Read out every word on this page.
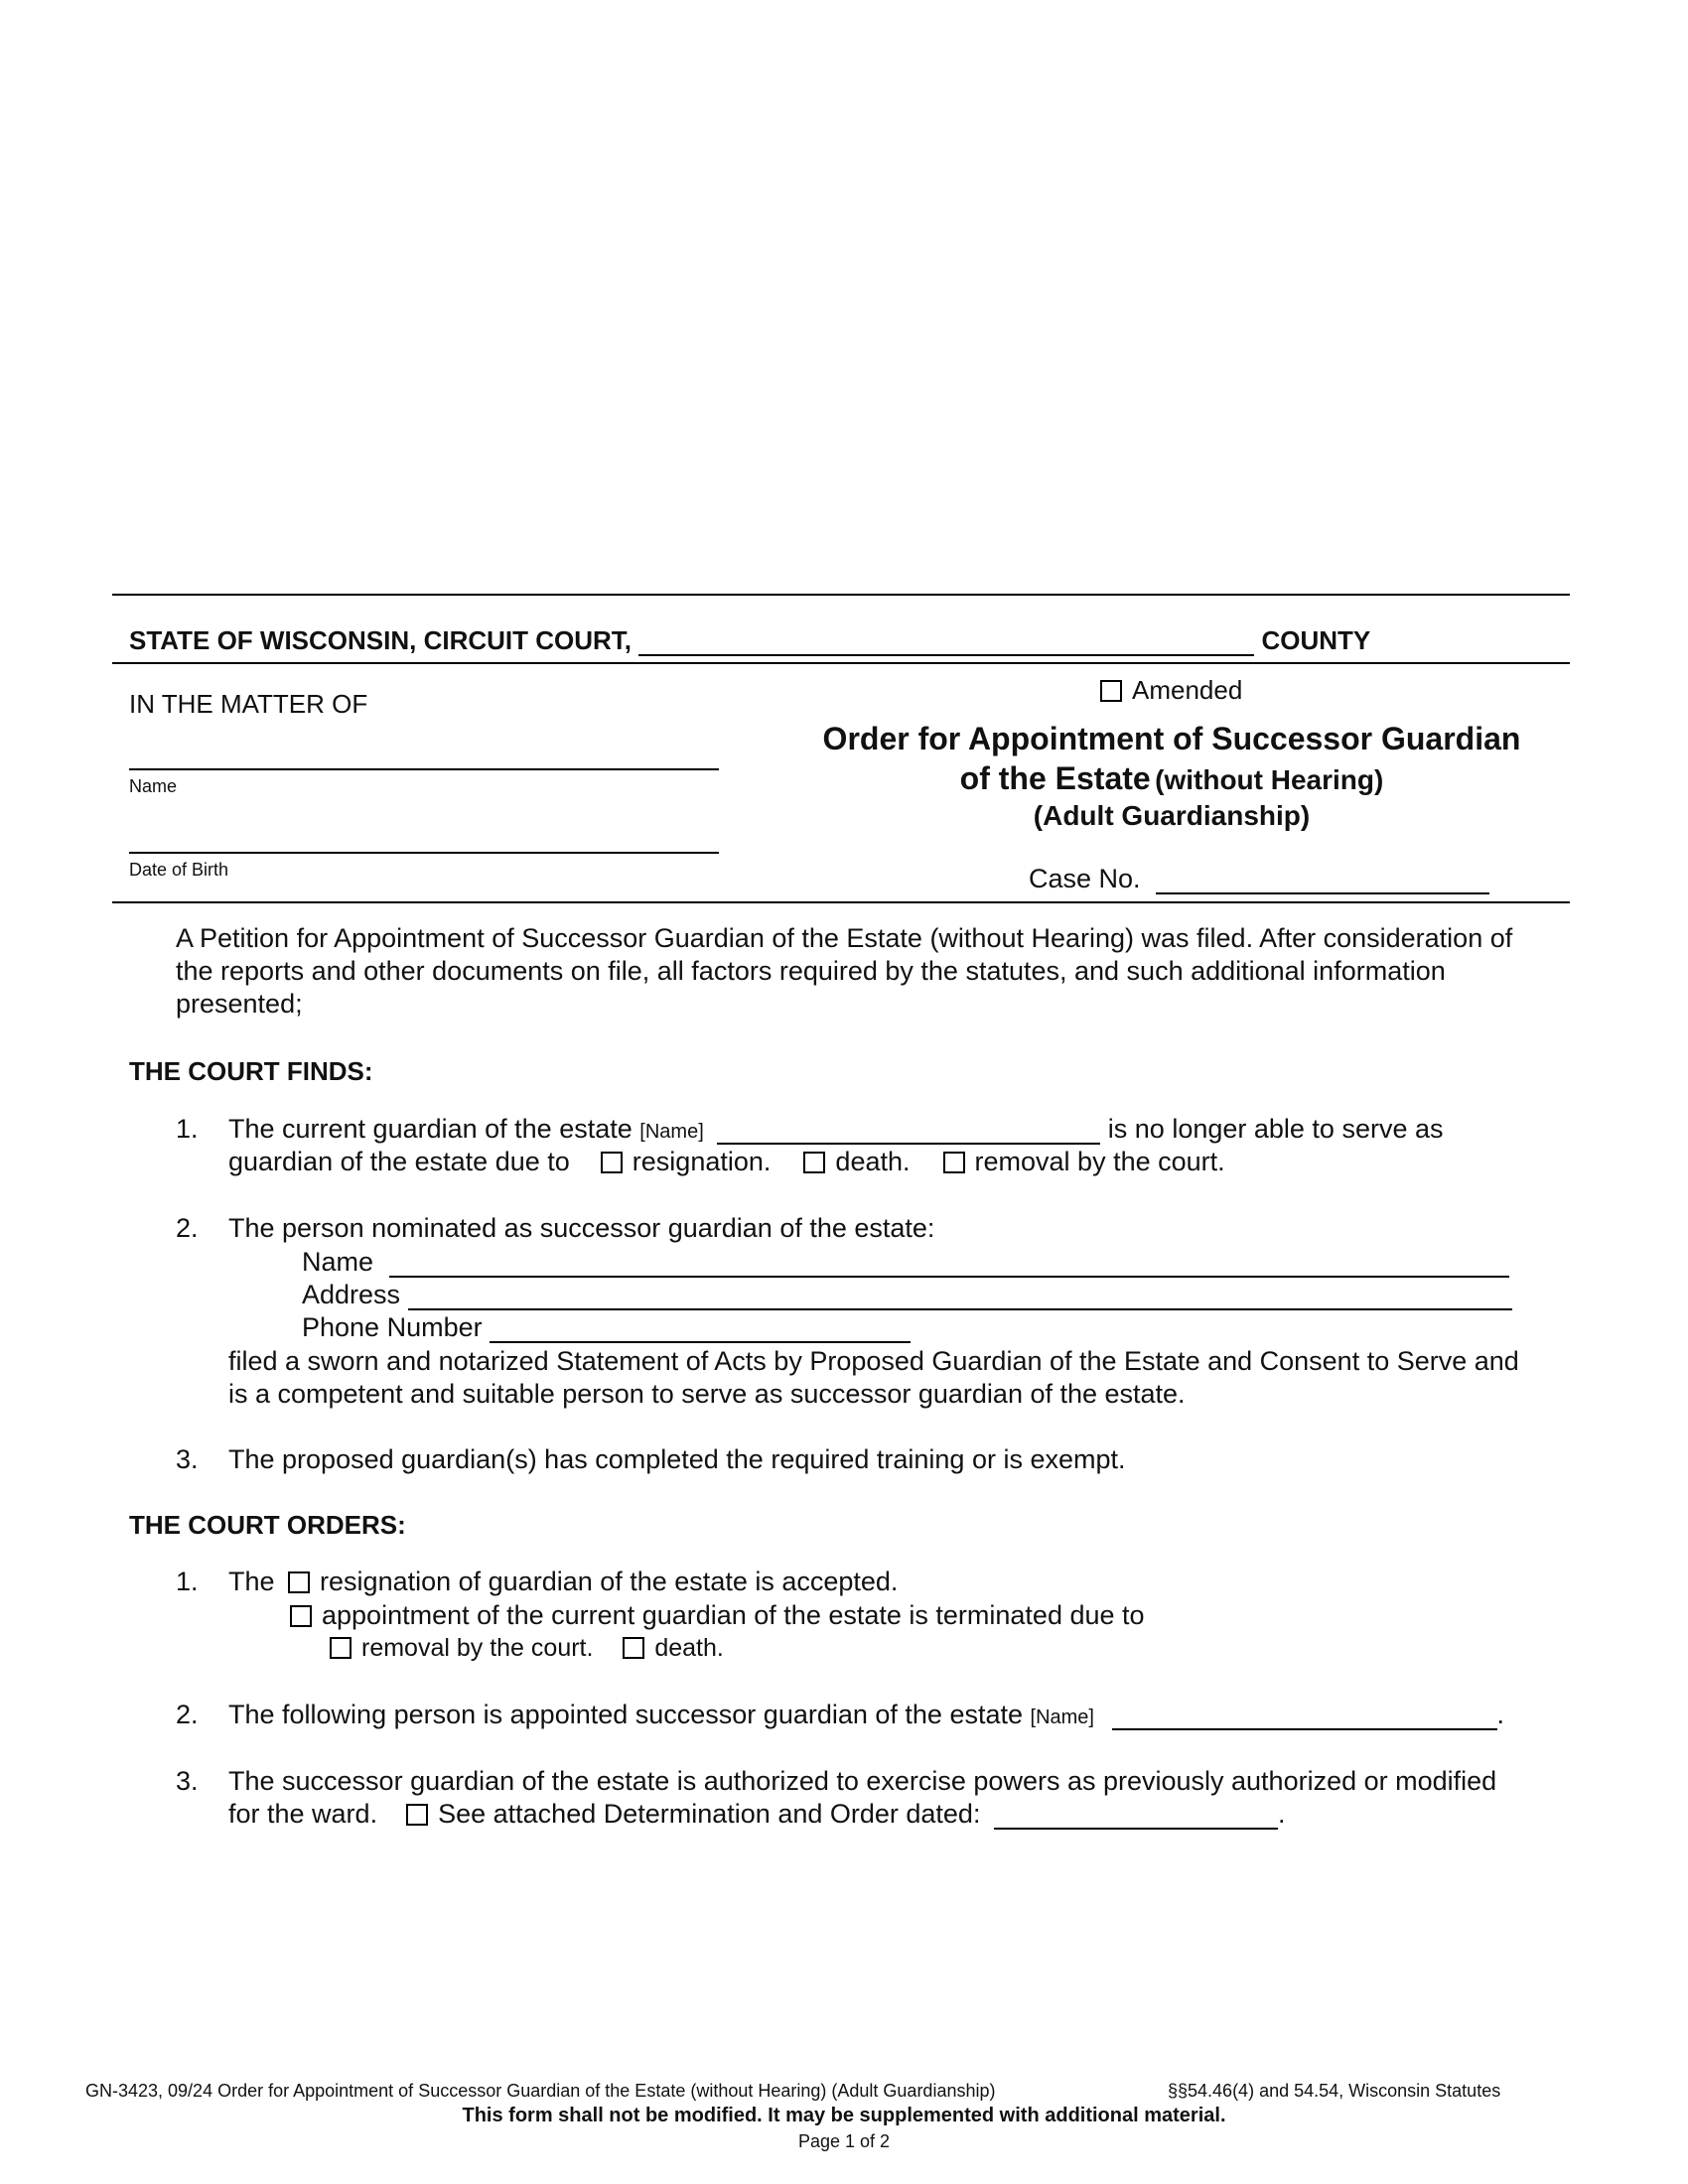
STATE OF WISCONSIN, CIRCUIT COURT,	COUNTY
IN THE MATTER OF
Name
Date of Birth
Amended
Order for Appointment of Successor Guardian
of the Estate (without Hearing)
(Adult Guardianship)
Case No.
A Petition for Appointment of Successor Guardian of the Estate (without Hearing) was filed. After consideration of
the reports and other documents on file, all factors required by the statutes, and such additional information
presented;
THE COURT FINDS:
1. The current guardian of the estate [Name]	is no longer able to serve as
guardian of the estate due to resignation. death. removal by the court.
2. The person nominated as successor guardian of the estate:
Name
Address
Phone Number
filed a sworn and notarized Statement of Acts by Proposed Guardian of the Estate and Consent to Serve and
is a competent and suitable person to serve as successor guardian of the estate.
3. The proposed guardian(s) has completed the required training or is exempt.
THE COURT ORDERS:
1. The resignation of guardian of the estate is accepted.
appointment of the current guardian of the estate is terminated due to
removal by the court. death.
2. The following person is appointed successor guardian of the estate [Name]	.
3. The successor guardian of the estate is authorized to exercise powers as previously authorized or modified
for the ward. See attached Determination and Order dated:	.
GN-3423, 09/24 Order for Appointment of Successor Guardian of the Estate (without Hearing) (Adult Guardianship)	§§54.46(4) and 54.54, Wisconsin Statutes
This form shall not be modified. It may be supplemented with additional material.
Page 1 of 2
